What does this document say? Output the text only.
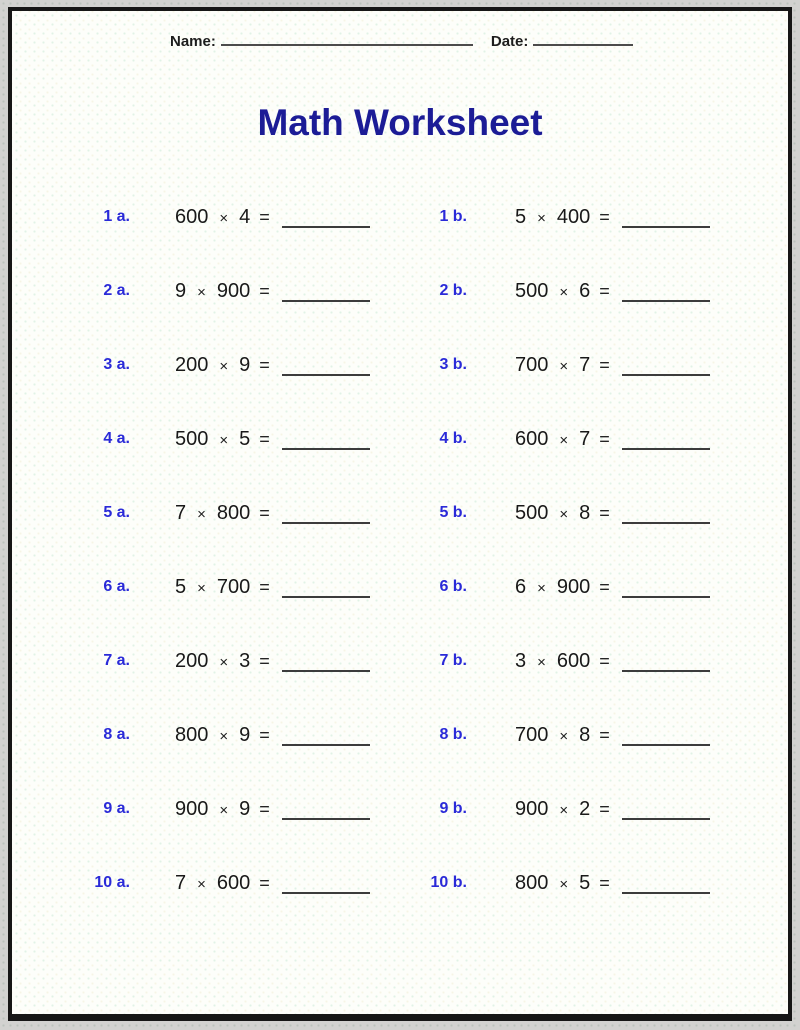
Name:	Date:
Math Worksheet
1 a.	600 × 4 =	1 b.	5 × 400 =
2 a.	9 × 900 =	2 b.	500 × 6 =
3 a.	200 × 9 =	3 b.	700 × 7 =
4 a.	500 × 5 =	4 b.	600 × 7 =
5 a.	7 × 800 =	5 b.	500 × 8 =
6 a.	5 × 700 =	6 b.	6 × 900 =
7 a.	200 × 3 =	7 b.	3 × 600 =
8 a.	800 × 9 =	8 b.	700 × 8 =
9 a.	900 × 9 =	9 b.	900 × 2 =
10 a.	7 × 600 =	10 b.	800 × 5 =
